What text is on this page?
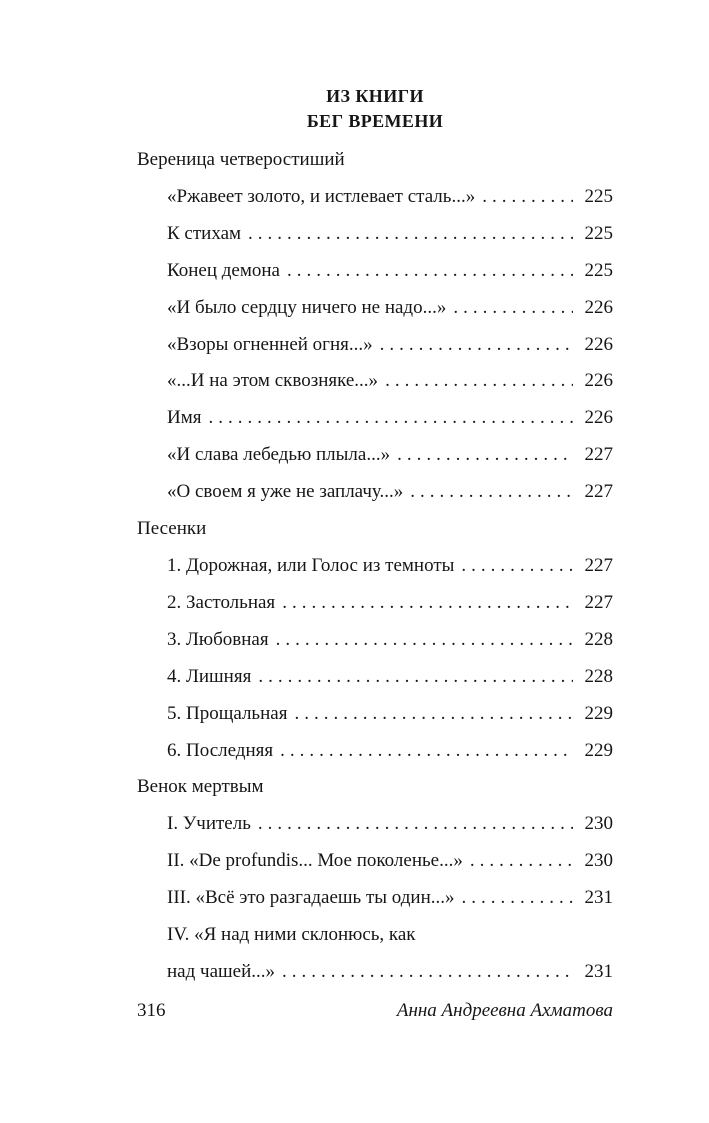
ИЗ КНИГИ
БЕГ ВРЕМЕНИ
Вереница четверостиший
«Ржавеет золото, и истлевает сталь...» .....	225
К стихам .....	225
Конец демона .....	225
«И было сердцу ничего не надо...» .....	226
«Взоры огненней огня...» .....	226
«...И на этом сквозняке...» .....	226
Имя .....	226
«И слава лебедью плыла...» .....	227
«О своем я уже не заплачу...» .....	227
Песенки
1. Дорожная, или Голос из темноты .....	227
2. Застольная .....	227
3. Любовная .....	228
4. Лишняя .....	228
5. Прощальная .....	229
6. Последняя .....	229
Венок мертвым
I. Учитель .....	230
II. «De profundis... Мое поколенье...» .....	230
III. «Всё это разгадаешь ты один...» .....	231
IV. «Я над ними склонюсь, как
над чашей...» .....	231
316	Анна Андреевна Ахматова
